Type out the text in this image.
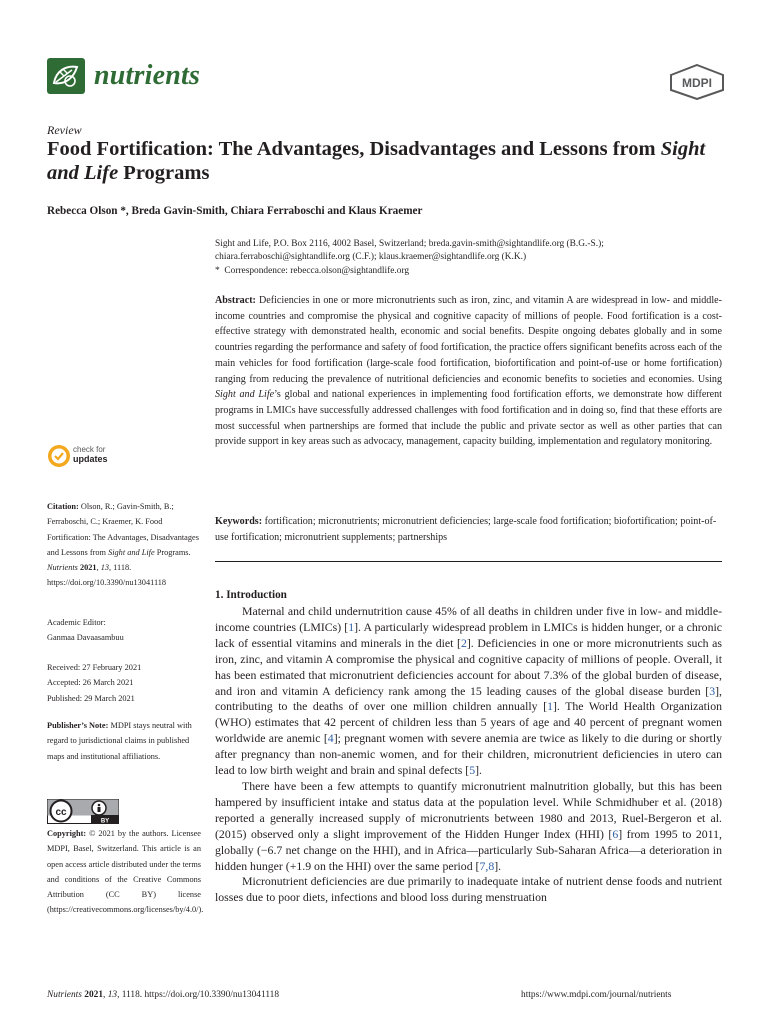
nutrients	MDPI
Review
Food Fortification: The Advantages, Disadvantages and Lessons from Sight and Life Programs
Rebecca Olson *, Breda Gavin-Smith, Chiara Ferraboschi and Klaus Kraemer
Sight and Life, P.O. Box 2116, 4002 Basel, Switzerland; breda.gavin-smith@sightandlife.org (B.G.-S.);
chiara.ferraboschi@sightandlife.org (C.F.); klaus.kraemer@sightandlife.org (K.K.)
* Correspondence: rebecca.olson@sightandlife.org
Abstract: Deficiencies in one or more micronutrients such as iron, zinc, and vitamin A are widespread in low- and middle-income countries and compromise the physical and cognitive capacity of millions of people. Food fortification is a cost-effective strategy with demonstrated health, economic and social benefits. Despite ongoing debates globally and in some countries regarding the performance and safety of food fortification, the practice offers significant benefits across each of the main vehicles for food fortification (large-scale food fortification, biofortification and point-of-use or home fortification) ranging from reducing the prevalence of nutritional deficiencies and economic benefits to societies and economies. Using Sight and Life’s global and national experiences in implementing food fortification efforts, we demonstrate how different programs in LMICs have successfully addressed challenges with food fortification and in doing so, find that these efforts are most successful when partnerships are formed that include the public and private sector as well as other parties that can provide support in key areas such as advocacy, management, capacity building, implementation and regulatory monitoring.
Keywords: fortification; micronutrients; micronutrient deficiencies; large-scale food fortification; biofortification; point-of-use fortification; micronutrient supplements; partnerships
check for
updates
Citation: Olson, R.; Gavin-Smith, B.; Ferraboschi, C.; Kraemer, K. Food Fortification: The Advantages, Disadvantages and Lessons from Sight and Life Programs. Nutrients 2021, 13, 1118. https://doi.org/10.3390/nu13041118
Academic Editor:
Ganmaa Davaasambuu
Received: 27 February 2021
Accepted: 26 March 2021
Published: 29 March 2021
Publisher’s Note: MDPI stays neutral with regard to jurisdictional claims in published maps and institutional affiliations.
cc
BY
Copyright: © 2021 by the authors. Licensee MDPI, Basel, Switzerland. This article is an open access article distributed under the terms and conditions of the Creative Commons Attribution (CC BY) license (https://creativecommons.org/licenses/by/4.0/).
1. Introduction

Maternal and child undernutrition cause 45% of all deaths in children under five in low- and middle-income countries (LMICs) [1]. A particularly widespread problem in LMICs is hidden hunger, or a chronic lack of essential vitamins and minerals in the diet [2]. Deficiencies in one or more micronutrients such as iron, zinc, and vitamin A compromise the physical and cognitive capacity of millions of people. Overall, it has been estimated that micronutrient deficiencies account for about 7.3% of the global burden of disease, and iron and vitamin A deficiency rank among the 15 leading causes of the global disease burden [3], contributing to the deaths of over one million children annually [1]. The World Health Organization (WHO) estimates that 42 percent of children less than 5 years of age and 40 percent of pregnant women worldwide are anemic [4]; pregnant women with severe anemia are twice as likely to die during or shortly after pregnancy than non-anemic women, and for their children, micronutrient deficiencies in utero can lead to low birth weight and brain and spinal defects [5].

There have been a few attempts to quantify micronutrient malnutrition globally, but this has been hampered by insufficient intake and status data at the population level. While Schmidhuber et al. (2018) reported a generally increased supply of micronutrients between 1980 and 2013, Ruel-Bergeron et al. (2015) observed only a slight improvement of the Hidden Hunger Index (HHI) [6] from 1995 to 2011, globally (−6.7 net change on the HHI), and in Africa—particularly Sub-Saharan Africa—a deterioration in hidden hunger (+1.9 on the HHI) over the same period [7,8].

Micronutrient deficiencies are due primarily to inadequate intake of nutrient dense foods and nutrient losses due to poor diets, infections and blood loss during menstruation

Nutrients 2021, 13, 1118. https://doi.org/10.3390/nu13041118	https://www.mdpi.com/journal/nutrients
